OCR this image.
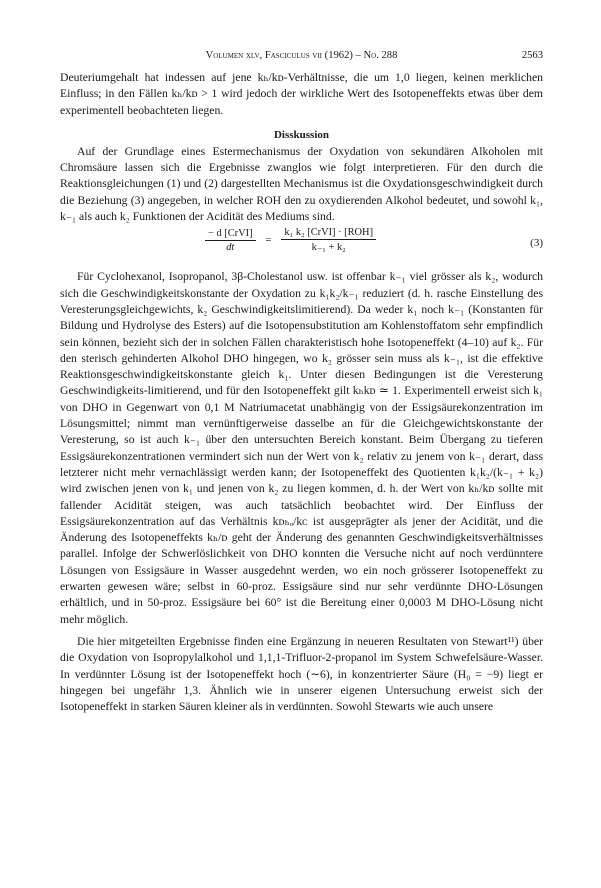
Volumen xlv, Fasciculus vii (1962) – No. 288	2563

Deuteriumgehalt hat indessen auf jene kₕ/kᴅ-Verhältnisse, die um 1,0 liegen, keinen merklichen Einfluss; in den Fällen kₕ/kᴅ > 1 wird jedoch der wirkliche Wert des Isotopeneffekts etwas über dem experimentell beobachteten liegen.

Disskussion

Auf der Grundlage eines Estermechanismus der Oxydation von sekundären Alkoholen mit Chromsäure lassen sich die Ergebnisse zwanglos wie folgt interpretieren. Für den durch die Reaktionsgleichungen (1) und (2) dargestellten Mechanismus ist die Oxydationsgeschwindigkeit durch die Beziehung (3) angegeben, in welcher ROH den zu oxydierenden Alkohol bedeutet, und sowohl k₁, k₋₁ als auch k₂ Funktionen der Acidität des Mediums sind.

$\frac{\text{− d [CrVI]}}{dt} = \frac{\text{k₁ k₂ [CrVI] · [ROH]}}{\text{k₋₁ + k₂}}$	(3)

Für Cyclohexanol, Isopropanol, 3β-Cholestanol usw. ist offenbar k₋₁ viel grösser als k₂, wodurch sich die Geschwindigkeitskonstante der Oxydation zu k₁k₂/k₋₁ reduziert (d. h. rasche Einstellung des Veresterungsgleichgewichts, k₂ Geschwindigkeitslimitierend). Da weder k₁ noch k₋₁ (Konstanten für Bildung und Hydrolyse des Esters) auf die Isotopensubstitution am Kohlenstoffatom sehr empfindlich sein können, bezieht sich der in solchen Fällen charakteristisch hohe Isotopeneffekt (4–10) auf k₂. Für den sterisch gehinderten Alkohol DHO hingegen, wo k₂ grösser sein muss als k₋₁, ist die effektive Reaktionsgeschwindigkeitskonstante gleich k₁. Unter diesen Bedingungen ist die Veresterung Geschwindigkeits-limitierend, und für den Isotopeneffekt gilt kₕkᴅ ≃ 1. Experimentell erweist sich k₁ von DHO in Gegenwart von 0,1 M Natriumacetat unabhängig von der Essigsäurekonzentration im Lösungsmittel; nimmt man vernünftigerweise dasselbe an für die Gleichgewichtskonstante der Veresterung, so ist auch k₋₁ über den untersuchten Bereich konstant. Beim Übergang zu tieferen Essigsäurekonzentrationen vermindert sich nun der Wert von k₂ relativ zu jenem von k₋₁ derart, dass letzterer nicht mehr vernachlässigt werden kann; der Isotopeneffekt des Quotienten k₁k₂/(k₋₁ + k₂) wird zwischen jenen von k₁ und jenen von k₂ zu liegen kommen, d. h. der Wert von kₕ/kᴅ sollte mit fallender Acidität steigen, was auch tatsächlich beobachtet wird. Der Einfluss der Essigsäurekonzentration auf das Verhältnis kᴅₕₒ/kᴄ ist ausgeprägter als jener der Acidität, und die Änderung des Isotopeneffekts kₕ/ᴅ geht der Änderung des genannten Geschwindigkeitsverhältnisses parallel. Infolge der Schwerlöslichkeit von DHO konnten die Versuche nicht auf noch verdünntere Lösungen von Essigsäure in Wasser ausgedehnt werden, wo ein noch grösserer Isotopeneffekt zu erwarten gewesen wäre; selbst in 60-proz. Essigsäure sind nur sehr verdünnte DHO-Lösungen erhältlich, und in 50-proz. Essigsäure bei 60° ist die Bereitung einer 0,0003 M DHO-Lösung nicht mehr möglich.

Die hier mitgeteilten Ergebnisse finden eine Ergänzung in neueren Resultaten von Stewart¹¹) über die Oxydation von Isopropylalkohol und 1,1,1-Trifluor-2-propanol im System Schwefelsäure-Wasser. In verdünnter Lösung ist der Isotopeneffekt hoch (∼6), in konzentrierter Säure (H₀ = −9) liegt er hingegen bei ungefähr 1,3. Ähnlich wie in unserer eigenen Untersuchung erweist sich der Isotopeneffekt in starken Säuren kleiner als in verdünnten. Sowohl Stewarts wie auch unsere
